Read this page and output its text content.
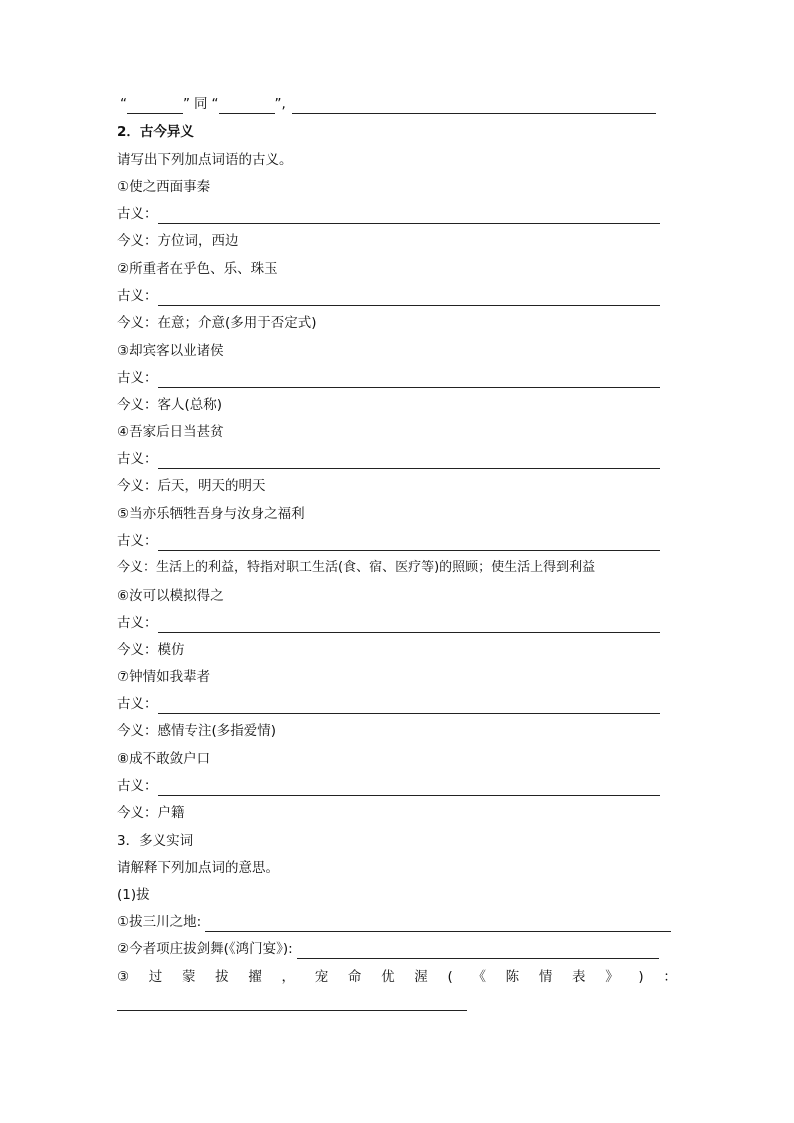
“	” 同 “	”,
2．古今异义
请写出下列加点词语的古义。
①使之西面事秦
古义：
今义：方位词，西边
②所重者在乎色、乐、珠玉
古义：
今义：在意；介意(多用于否定式)
③却宾客以业诸侯
古义：
今义：客人(总称)
④吾家后日当甚贫
古义：
今义：后天，明天的明天
⑤当亦乐牺牲吾身与汝身之福利
古义：
今义：生活上的利益，特指对职工生活(食、宿、医疗等)的照顾；使生活上得到利益
⑥汝可以模拟得之
古义：
今义：模仿
⑦钟情如我辈者
古义：
今义：感情专注(多指爱情)
⑧成不敢敛户口
古义：
今义：户籍
3．多义实词
请解释下列加点词的意思。
(1)拔
①拔三川之地:
②今者项庄拔剑舞(《鸿门宴》):
③ 过 蒙 拔 擢 ， 宠 命 优 渥 ( 《 陈 情 表 》 ) ：
